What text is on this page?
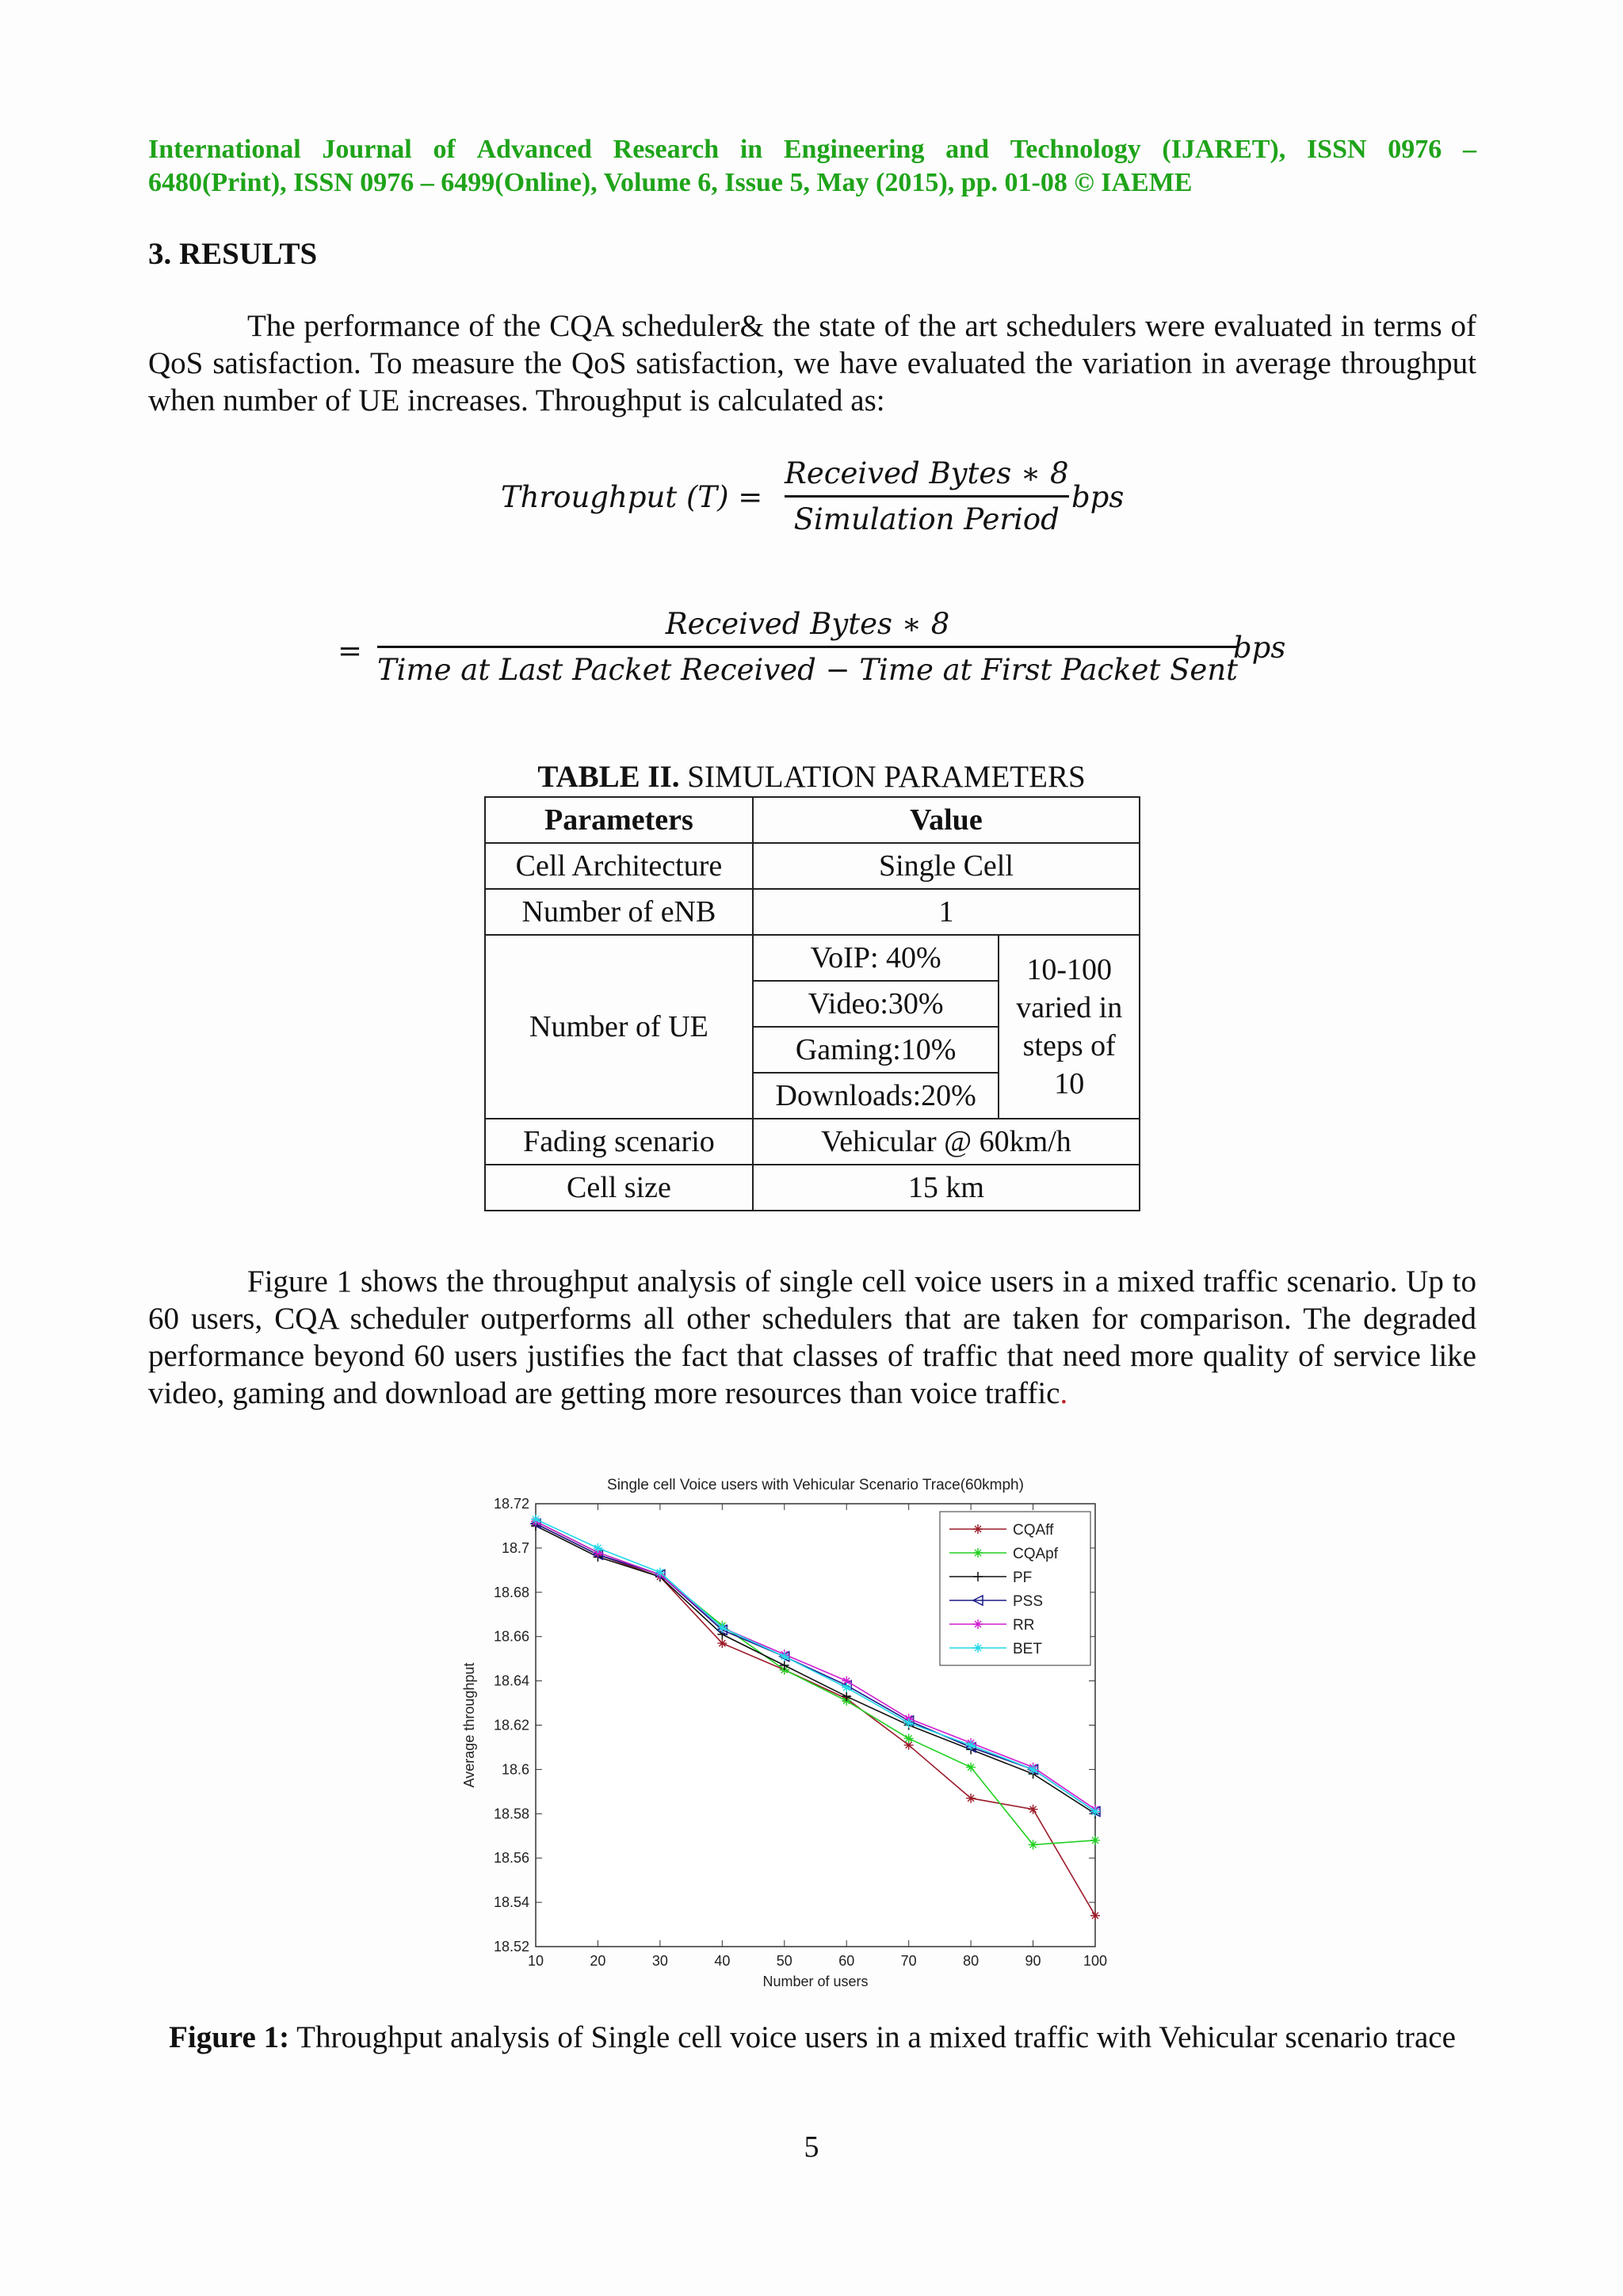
International Journal of Advanced Research in Engineering and Technology (IJARET), ISSN 0976 –
6480(Print), ISSN 0976 – 6499(Online), Volume 6, Issue 5, May (2015), pp. 01-08 © IAEME
3. RESULTS
The performance of the CQA scheduler& the state of the art schedulers were evaluated in terms of QoS satisfaction. To measure the QoS satisfaction, we have evaluated the variation in average throughput when number of UE increases. Throughput is calculated as:
Throughput (T) =
Received Bytes ∗ 8
Simulation Period
bps
=
Received Bytes ∗ 8
Time at Last Packet Received − Time at First Packet Sent
bps
TABLE II. SIMULATION PARAMETERS
Parameters	Value	
Cell Architecture	Single Cell	
Number of eNB	1	
Number of UE	VoIP: 40%	10-100 varied in steps of 10
	Video:30%	
	Gaming:10%	
	Downloads:20%	
Fading scenario	Vehicular @ 60km/h	
Cell size	15 km	
Figure 1 shows the throughput analysis of single cell voice users in a mixed traffic scenario. Up to 60 users, CQA scheduler outperforms all other schedulers that are taken for comparison. The degraded performance beyond 60 users justifies the fact that classes of traffic that need more quality of service like video, gaming and download are getting more resources than voice traffic.
Single cell Voice users with Vehicular Scenario Trace(60kmph)
10	20	30	40	50	60	70	80	90	100
18.52
18.54
18.56
18.58
18.6
18.62
18.64
18.66
18.68
18.7
18.72
Number of users
Average throughput
CQAff
CQApf
PF
PSS
RR
BET
Figure 1: Throughput analysis of Single cell voice users in a mixed traffic with Vehicular scenario trace
5
